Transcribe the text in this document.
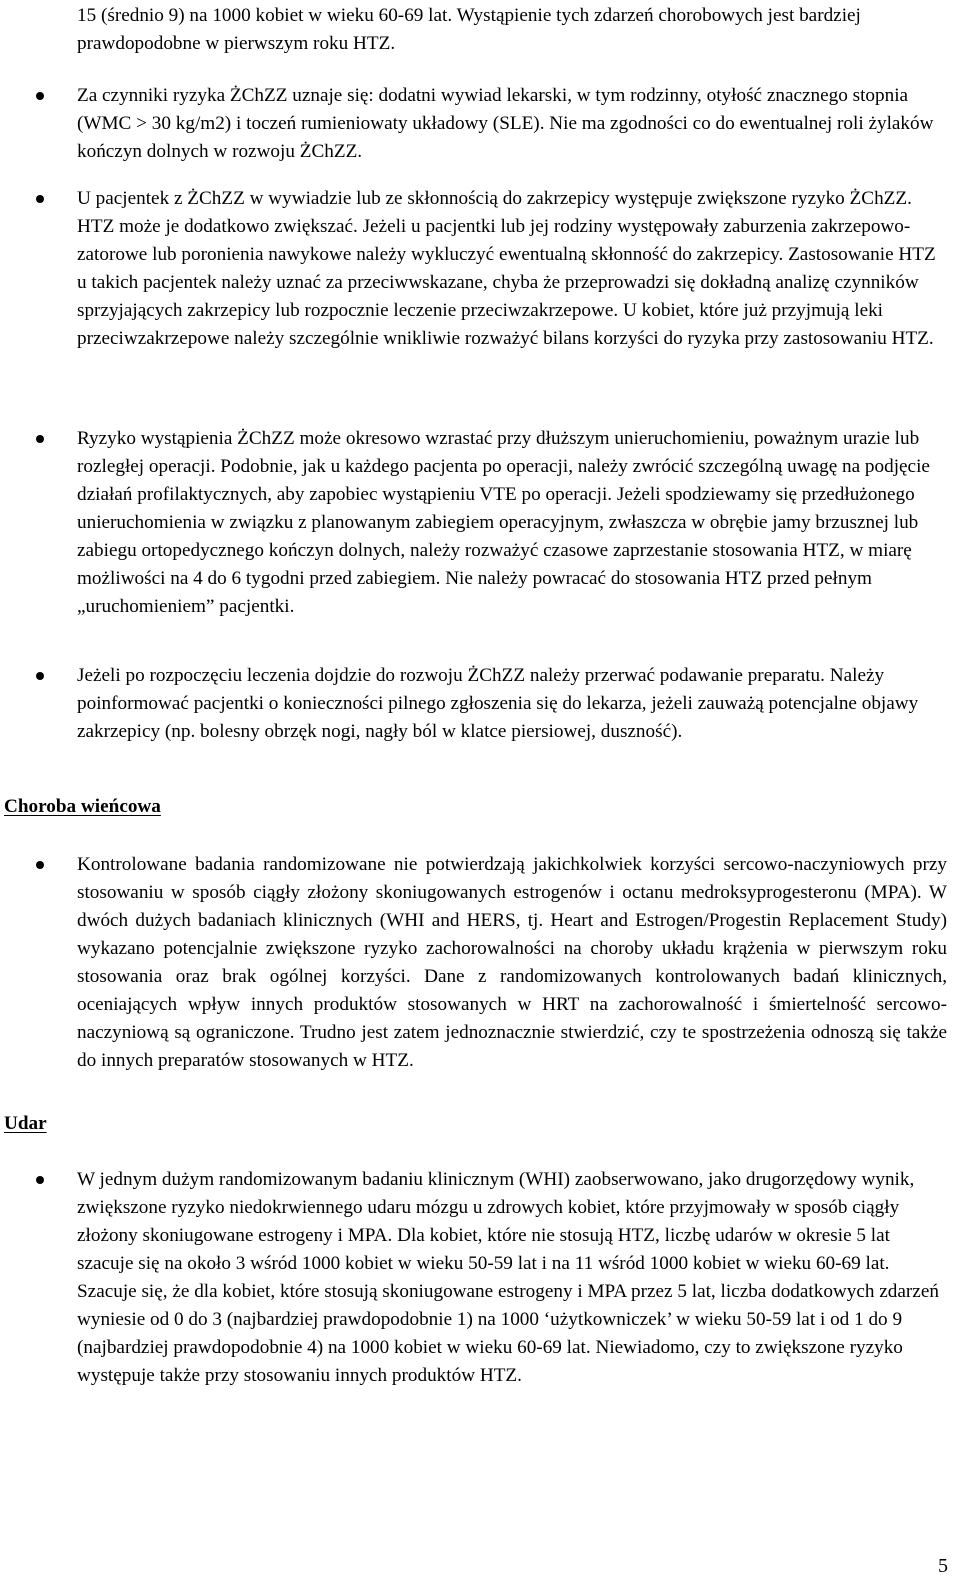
15 (średnio 9) na 1000 kobiet w wieku 60-69 lat. Wystąpienie tych zdarzeń chorobowych jest bardziej prawdopodobne w pierwszym roku HTZ.

Za czynniki ryzyka ŻChZZ uznaje się: dodatni wywiad lekarski, w tym rodzinny, otyłość znacznego stopnia (WMC > 30 kg/m2) i toczeń rumieniowaty układowy (SLE). Nie ma zgodności co do ewentualnej roli żylaków kończyn dolnych w rozwoju ŻChZZ.

U pacjentek z ŻChZZ w wywiadzie lub ze skłonnością do zakrzepicy występuje zwiększone ryzyko ŻChZZ. HTZ może je dodatkowo zwiększać. Jeżeli u pacjentki lub jej rodziny występowały zaburzenia zakrzepowo-zatorowe lub poronienia nawykowe należy wykluczyć ewentualną skłonność do zakrzepicy. Zastosowanie HTZ u takich pacjentek należy uznać za przeciwwskazane, chyba że przeprowadzi się dokładną analizę czynników sprzyjających zakrzepicy lub rozpocznie leczenie przeciwzakrzepowe. U kobiet, które już przyjmują leki przeciwzakrzepowe należy szczególnie wnikliwie rozważyć bilans korzyści do ryzyka przy zastosowaniu HTZ.

Ryzyko wystąpienia ŻChZZ może okresowo wzrastać przy dłuższym unieruchomieniu, poważnym urazie lub rozległej operacji. Podobnie, jak u każdego pacjenta po operacji, należy zwrócić szczególną uwagę na podjęcie działań profilaktycznych, aby zapobiec wystąpieniu VTE po operacji. Jeżeli spodziewamy się przedłużonego unieruchomienia w związku z planowanym zabiegiem operacyjnym, zwłaszcza w obrębie jamy brzusznej lub zabiegu ortopedycznego kończyn dolnych, należy rozważyć czasowe zaprzestanie stosowania HTZ, w miarę możliwości na 4 do 6 tygodni przed zabiegiem. Nie należy powracać do stosowania HTZ przed pełnym „uruchomieniem” pacjentki.

Jeżeli po rozpoczęciu leczenia dojdzie do rozwoju ŻChZZ należy przerwać podawanie preparatu. Należy poinformować pacjentki o konieczności pilnego zgłoszenia się do lekarza, jeżeli zauważą potencjalne objawy zakrzepicy (np. bolesny obrzęk nogi, nagły ból w klatce piersiowej, duszność).

Choroba wieńcowa

Kontrolowane badania randomizowane nie potwierdzają jakichkolwiek korzyści sercowo-naczyniowych przy stosowaniu w sposób ciągły złożony skoniugowanych estrogenów i octanu medroksyprogesteronu (MPA). W dwóch dużych badaniach klinicznych (WHI and HERS, tj. Heart and Estrogen/Progestin Replacement Study) wykazano potencjalnie zwiększone ryzyko zachorowalności na choroby układu krążenia w pierwszym roku stosowania oraz brak ogólnej korzyści. Dane z randomizowanych kontrolowanych badań klinicznych, oceniających wpływ innych produktów stosowanych w HRT na zachorowalność i śmiertelność sercowo-naczyniową są ograniczone. Trudno jest zatem jednoznacznie stwierdzić, czy te spostrzeżenia odnoszą się także do innych preparatów stosowanych w HTZ.

Udar

W jednym dużym randomizowanym badaniu klinicznym (WHI) zaobserwowano, jako drugorzędowy wynik, zwiększone ryzyko niedokrwiennego udaru mózgu u zdrowych kobiet, które przyjmowały w sposób ciągły złożony skoniugowane estrogeny i MPA. Dla kobiet, które nie stosują HTZ, liczbę udarów w okresie 5 lat szacuje się na około 3 wśród 1000 kobiet w wieku 50-59 lat i na 11 wśród 1000 kobiet w wieku 60-69 lat. Szacuje się, że dla kobiet, które stosują skoniugowane estrogeny i MPA przez 5 lat, liczba dodatkowych zdarzeń wyniesie od 0 do 3 (najbardziej prawdopodobnie 1) na 1000 ‘użytkowniczek’ w wieku 50-59 lat i od 1 do 9 (najbardziej prawdopodobnie 4) na 1000 kobiet w wieku 60-69 lat. Niewiadomo, czy to zwiększone ryzyko występuje także przy stosowaniu innych produktów HTZ.

5
